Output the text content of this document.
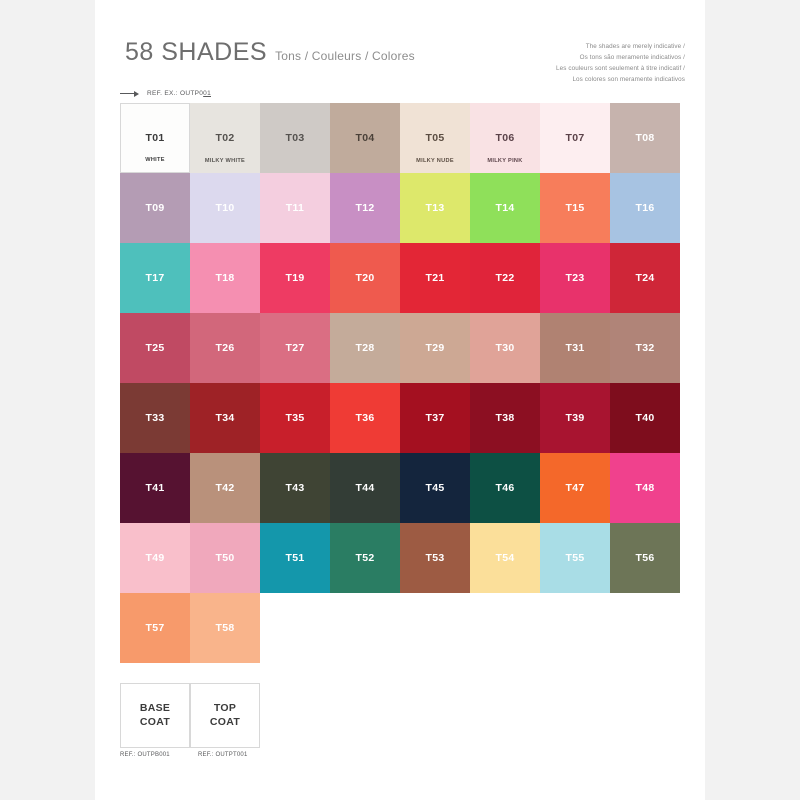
58 SHADES Tons / Couleurs / Colores
The shades are merely indicative /
Os tons são meramente indicativos /
Les couleurs sont seulement à titre indicatif /
Los colores son meramente indicativos
REF. EX.: OUTP001
T01
WHITE
T02
MILKY WHITE
T03	T04	T05
MILKY NUDE
T06
MILKY PINK
T07	T08
T09	T10	T11	T12	T13	T14	T15	T16
T17	T18	T19	T20	T21	T22	T23	T24
T25	T26	T27	T28	T29	T30	T31	T32
T33	T34	T35	T36	T37	T38	T39	T40
T41	T42	T43	T44	T45	T46	T47	T48
T49	T50	T51	T52	T53	T54	T55	T56
T57	T58
BASE
COAT
TOP
COAT
REF.: OUTPB001	REF.: OUTPT001
